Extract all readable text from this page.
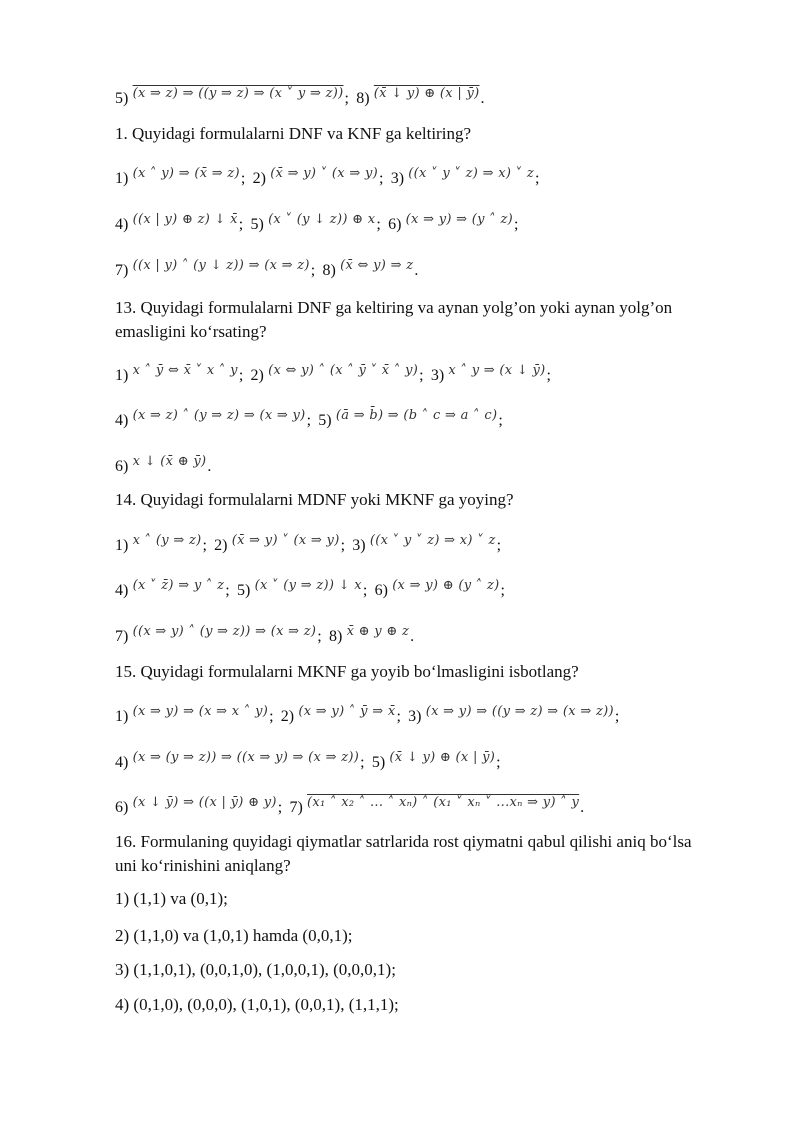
5) $^{(x \Rightarrow z) \Rightarrow ((y \Rightarrow z) \Rightarrow (x ˅ y \Rightarrow z))}$; 8) $^{(x̄ ↓ y) \oplus (x | ȳ)}$.
1. Quyidagi formulalarni DNF va KNF ga keltiring?
1) $^{(x ˄ y) \Rightarrow (x̄ \Rightarrow z)}$; 2) $^{(x̄ \Rightarrow y) ˅ (x \Rightarrow y)}$; 3) $^{((x ˅ y ˅ z) \Rightarrow x) ˅ z}$;
4) $^{((x | y) \oplus z) ↓ x̄}$; 5) $^{(x ˅ (y ↓ z)) \oplus x}$; 6) $^{(x \Rightarrow y) \Rightarrow (y ˄ z)}$;
7) $^{((x | y) ˄ (y ↓ z)) \Rightarrow (x \Rightarrow z)}$; 8) $^{(x̄ \Leftrightarrow y) \Rightarrow z}$.
13. Quyidagi formulalarni DNF ga keltiring va aynan yolg’on yoki aynan yolg’on emasligini ko‘rsating?
1) $^{x ˄ ȳ \Leftrightarrow x̄ ˅ x ˄ y}$; 2) $^{(x \Leftrightarrow y) ˄ (x ˄ ȳ ˅ x̄ ˄ y)}$; 3) $^{x ˄ y \Rightarrow (x ↓ ȳ)}$;
4) $^{(x \Rightarrow z) ˄ (y \Rightarrow z) \Rightarrow (x \Rightarrow y)}$; 5) $^{(ā \Rightarrow b̄) \Rightarrow (b ˄ c \Rightarrow a ˄ c)}$;
6) $^{x ↓ (x̄ \oplus ȳ)}$.
14. Quyidagi formulalarni MDNF yoki MKNF ga yoying?
1) $^{x ˄ (y \Rightarrow z)}$; 2) $^{(x̄ \Rightarrow y) ˅ (x \Rightarrow y)}$; 3) $^{((x ˅ y ˅ z) \Rightarrow x) ˅ z}$;
4) $^{(x ˅ z̄) \Rightarrow y ˄ z}$; 5) $^{(x ˅ (y \Rightarrow z)) ↓ x}$; 6) $^{(x \Rightarrow y) \oplus (y ˄ z)}$;
7) $^{((x \Rightarrow y) ˄ (y \Rightarrow z)) \Rightarrow (x \Rightarrow z)}$; 8) $^{x̄ \oplus y \oplus z}$.
15. Quyidagi formulalarni MKNF ga yoyib bo‘lmasligini isbotlang?
1) $^{(x \Rightarrow y) \Rightarrow (x \Rightarrow x ˄ y)}$; 2) $^{(x \Rightarrow y) ˄ ȳ \Rightarrow x̄}$; 3) $^{(x \Rightarrow y) \Rightarrow ((y \Rightarrow z) \Rightarrow (x \Rightarrow z))}$;
4) $^{(x \Rightarrow (y \Rightarrow z)) \Rightarrow ((x \Rightarrow y) \Rightarrow (x \Rightarrow z))}$; 5) $^{(x̄ ↓ y) \oplus (x | ȳ)}$;
6) $^{(x ↓ ȳ) \Rightarrow ((x | ȳ) \oplus y)}$; 7) $^{(x_1 ˄ x_2 ˄ ... ˄ x_n) ˄ (x_1 ˅ x_n ˅ ...x_n \Rightarrow y) ˄ y}$.
16. Formulaning quyidagi qiymatlar satrlarida rost qiymatni qabul qilishi aniq bo‘lsa uni ko‘rinishini aniqlang?
1) (1,1) va (0,1);
2) (1,1,0) va (1,0,1) hamda (0,0,1);
3) (1,1,0,1), (0,0,1,0), (1,0,0,1), (0,0,0,1);
4) (0,1,0), (0,0,0), (1,0,1), (0,0,1), (1,1,1);
